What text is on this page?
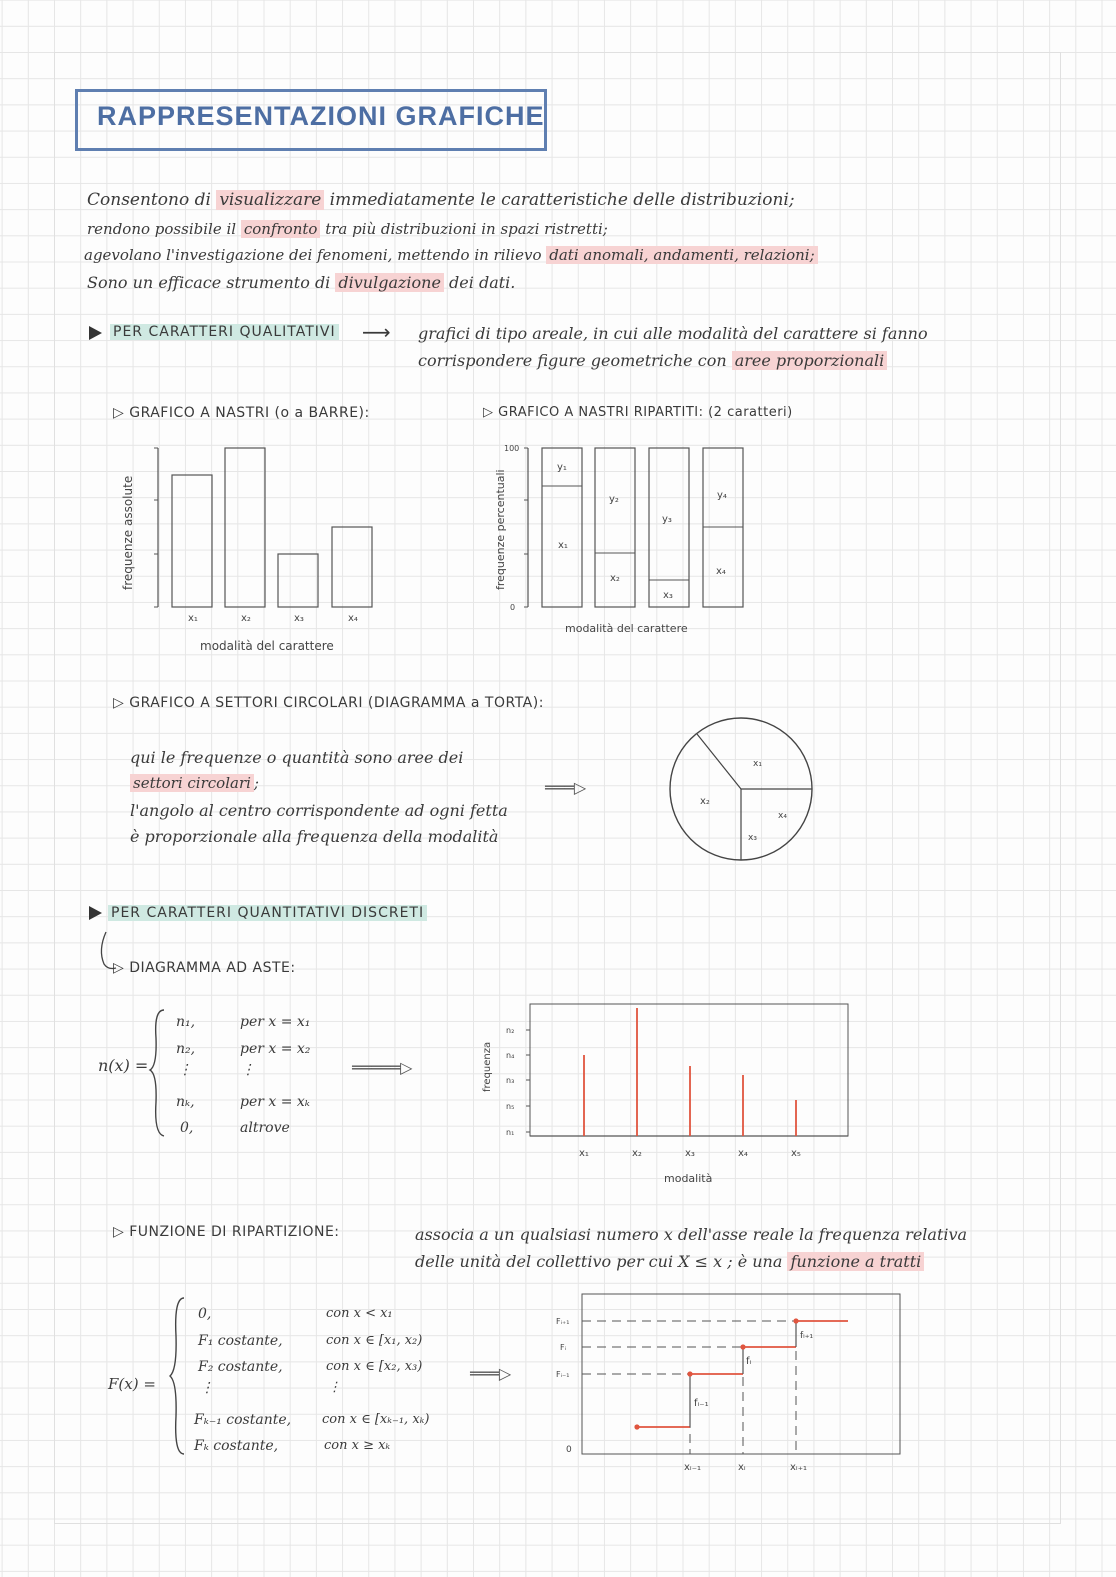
RAPPRESENTAZIONI GRAFICHE
Consentono di visualizzare immediatamente le caratteristiche delle distribuzioni;
rendono possibile il confronto tra più distribuzioni in spazi ristretti;
agevolano l'investigazione dei fenomeni, mettendo in rilievo dati anomali, andamenti, relazioni;
Sono un efficace strumento di divulgazione dei dati.
PER CARATTERI QUALITATIVI ⟶ grafici di tipo areale, in cui alle modalità del carattere si fanno
corrispondere figure geometriche con aree proporzionali
▷ GRAFICO A NASTRI (o a BARRE):
x₁	x₂	x₃	x₄
modalità del carattere
frequenze assolute
▷ GRAFICO A NASTRI RIPARTITI: (2 caratteri)
100
0
y₁
y₂
y₃
y₄
x₁
x₂
x₃
x₄
modalità del carattere
frequenze percentuali
▷ GRAFICO A SETTORI CIRCOLARI (DIAGRAMMA a TORTA):
qui le frequenze o quantità sono aree dei
settori circolari ;
l'angolo al centro corrispondente ad ogni fetta
è proporzionale alla frequenza della modalità
═══▷
x₁
x₂
x₃
x₄
PER CARATTERI QUANTITATIVI DISCRETI
▷ DIAGRAMMA AD ASTE:
n(x) =
n₁,	per x = x₁
n₂,	per x = x₂
⋮	⋮
nₖ,	per x = xₖ
0,	altrove
═════▷
n₂
n₄
n₃
n₅
n₁
x₁	x₂	x₃	x₄	x₅
frequenza
modalità
▷ FUNZIONE DI RIPARTIZIONE:	associa a un qualsiasi numero x dell'asse reale la frequenza relativa
delle unità del collettivo per cui X ≤ x ; è una funzione a tratti
F(x) =
0,	con x < x₁
F₁ costante,	con x ∈ [x₁, x₂)
F₂ costante,	con x ∈ [x₂, x₃)
⋮	⋮
Fₖ₋₁ costante, con x ∈ [xₖ₋₁, xₖ)
Fₖ costante,	con x ≥ xₖ
═══▷
Fᵢ₊₁
Fᵢ
Fᵢ₋₁
0
xᵢ₋₁	xᵢ	xᵢ₊₁
fᵢ₋₁
fᵢ
fᵢ₊₁
